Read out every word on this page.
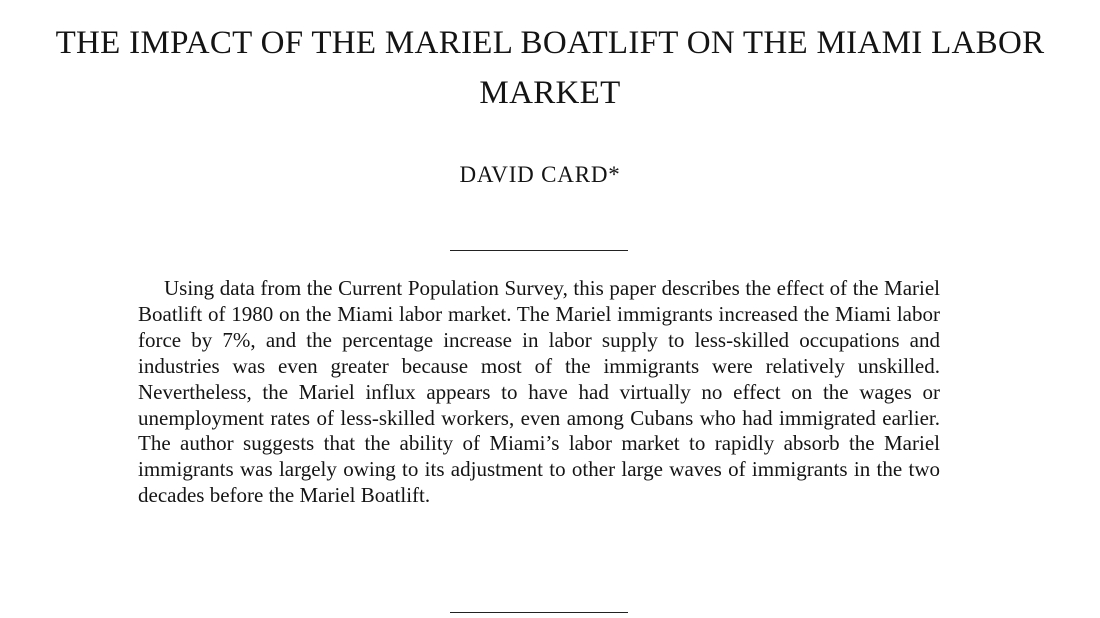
THE IMPACT OF THE MARIEL BOATLIFT ON THE MIAMI LABOR MARKET
DAVID CARD*

Using data from the Current Population Survey, this paper describes the effect of the Mariel Boatlift of 1980 on the Miami labor market. The Mariel immigrants increased the Miami labor force by 7%, and the percentage increase in labor supply to less-skilled occupations and industries was even greater because most of the immigrants were relatively unskilled. Nevertheless, the Mariel influx appears to have had virtually no effect on the wages or unemployment rates of less-skilled workers, even among Cubans who had immigrated earlier. The author suggests that the ability of Miami’s labor market to rapidly absorb the Mariel immigrants was largely owing to its adjustment to other large waves of immigrants in the two decades before the Mariel Boatlift.
